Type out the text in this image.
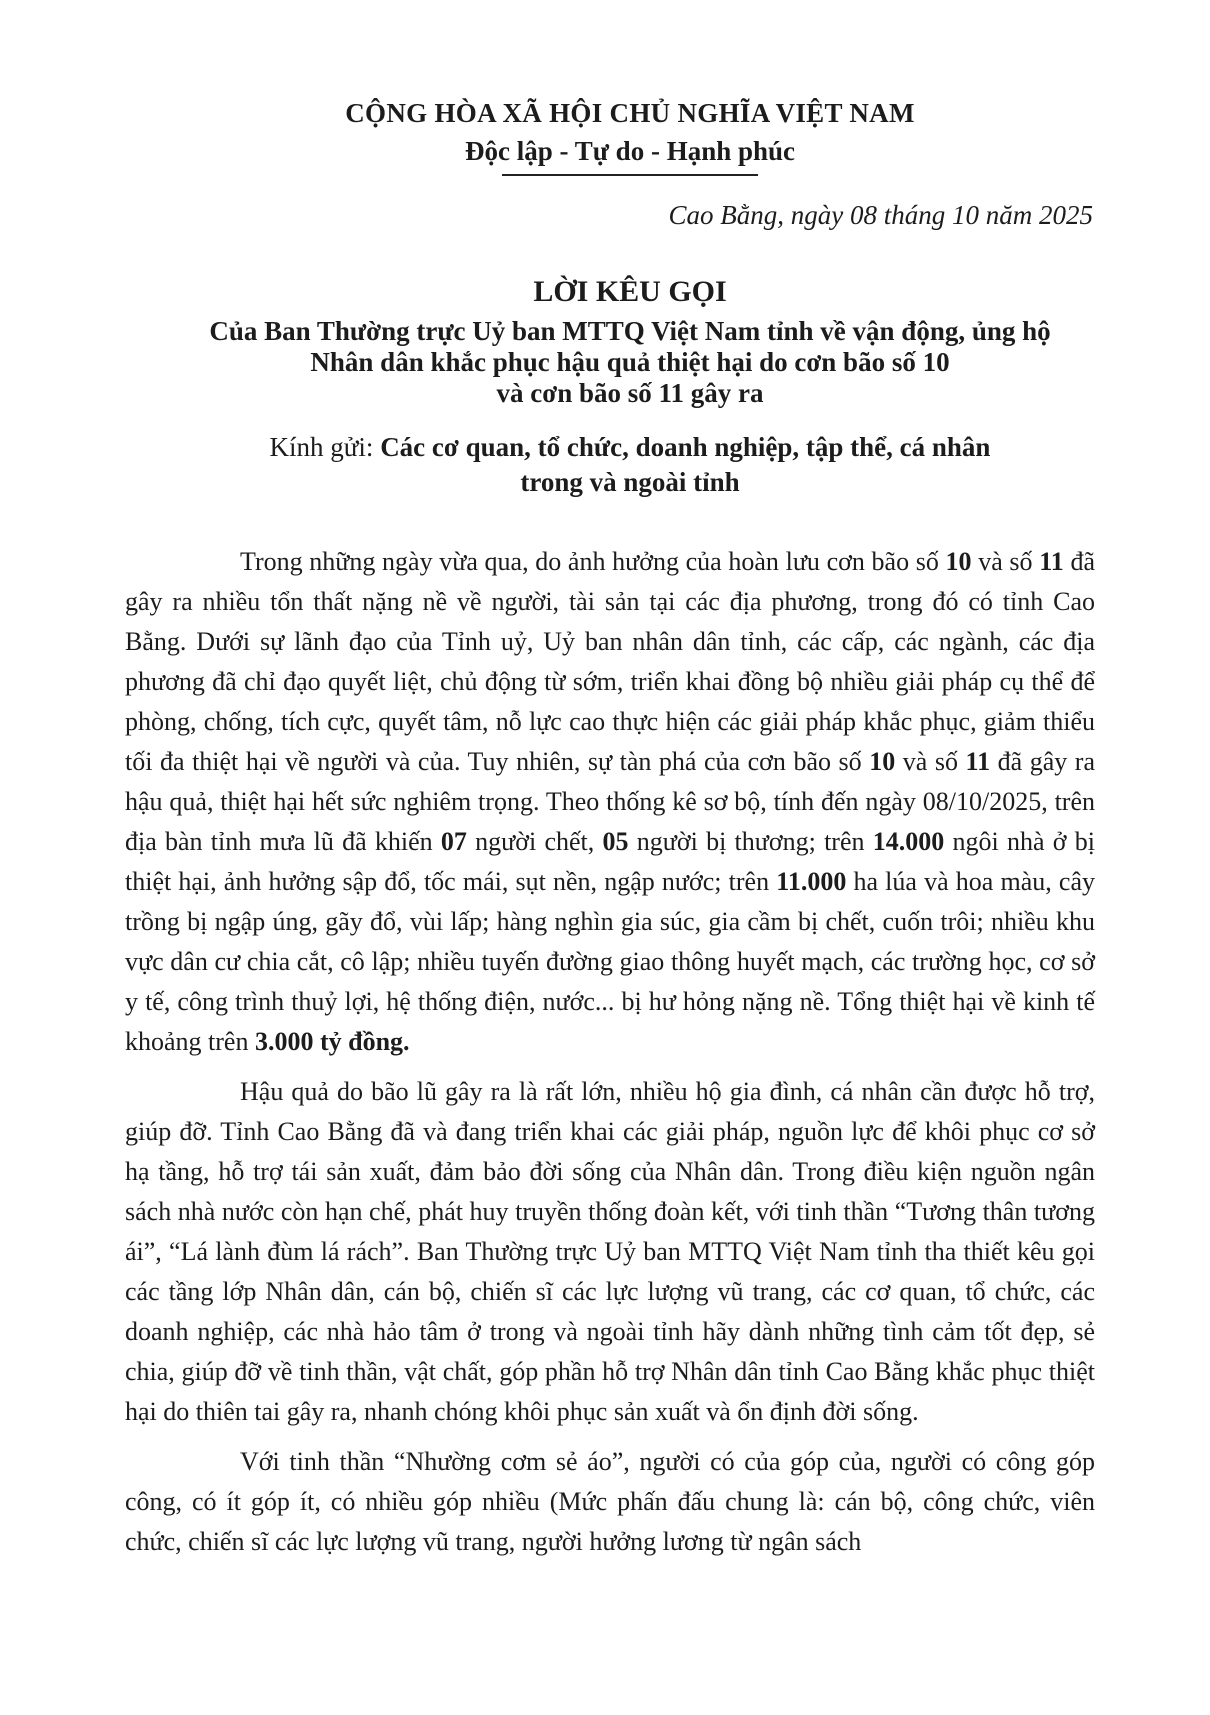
CỘNG HÒA XÃ HỘI CHỦ NGHĨA VIỆT NAM
Độc lập - Tự do - Hạnh phúc
Cao Bằng, ngày 08 tháng 10 năm 2025
LỜI KÊU GỌI
Của Ban Thường trực Uỷ ban MTTQ Việt Nam tỉnh về vận động, ủng hộ
Nhân dân khắc phục hậu quả thiệt hại do cơn bão số 10
và cơn bão số 11 gây ra
Kính gửi: Các cơ quan, tổ chức, doanh nghiệp, tập thể, cá nhân
trong và ngoài tỉnh

Trong những ngày vừa qua, do ảnh hưởng của hoàn lưu cơn bão số 10 và số 11 đã gây ra nhiều tổn thất nặng nề về người, tài sản tại các địa phương, trong đó có tỉnh Cao Bằng. Dưới sự lãnh đạo của Tỉnh uỷ, Uỷ ban nhân dân tỉnh, các cấp, các ngành, các địa phương đã chỉ đạo quyết liệt, chủ động từ sớm, triển khai đồng bộ nhiều giải pháp cụ thể để phòng, chống, tích cực, quyết tâm, nỗ lực cao thực hiện các giải pháp khắc phục, giảm thiểu tối đa thiệt hại về người và của. Tuy nhiên, sự tàn phá của cơn bão số 10 và số 11 đã gây ra hậu quả, thiệt hại hết sức nghiêm trọng. Theo thống kê sơ bộ, tính đến ngày 08/10/2025, trên địa bàn tỉnh mưa lũ đã khiến 07 người chết, 05 người bị thương; trên 14.000 ngôi nhà ở bị thiệt hại, ảnh hưởng sập đổ, tốc mái, sụt nền, ngập nước; trên 11.000 ha lúa và hoa màu, cây trồng bị ngập úng, gãy đổ, vùi lấp; hàng nghìn gia súc, gia cầm bị chết, cuốn trôi; nhiều khu vực dân cư chia cắt, cô lập; nhiều tuyến đường giao thông huyết mạch, các trường học, cơ sở y tế, công trình thuỷ lợi, hệ thống điện, nước... bị hư hỏng nặng nề. Tổng thiệt hại về kinh tế khoảng trên 3.000 tỷ đồng.

Hậu quả do bão lũ gây ra là rất lớn, nhiều hộ gia đình, cá nhân cần được hỗ trợ, giúp đỡ. Tỉnh Cao Bằng đã và đang triển khai các giải pháp, nguồn lực để khôi phục cơ sở hạ tầng, hỗ trợ tái sản xuất, đảm bảo đời sống của Nhân dân. Trong điều kiện nguồn ngân sách nhà nước còn hạn chế, phát huy truyền thống đoàn kết, với tinh thần “Tương thân tương ái”, “Lá lành đùm lá rách”. Ban Thường trực Uỷ ban MTTQ Việt Nam tỉnh tha thiết kêu gọi các tầng lớp Nhân dân, cán bộ, chiến sĩ các lực lượng vũ trang, các cơ quan, tổ chức, các doanh nghiệp, các nhà hảo tâm ở trong và ngoài tỉnh hãy dành những tình cảm tốt đẹp, sẻ chia, giúp đỡ về tinh thần, vật chất, góp phần hỗ trợ Nhân dân tỉnh Cao Bằng khắc phục thiệt hại do thiên tai gây ra, nhanh chóng khôi phục sản xuất và ổn định đời sống.

Với tinh thần “Nhường cơm sẻ áo”, người có của góp của, người có công góp công, có ít góp ít, có nhiều góp nhiều (Mức phấn đấu chung là: cán bộ, công chức, viên chức, chiến sĩ các lực lượng vũ trang, người hưởng lương từ ngân sách
